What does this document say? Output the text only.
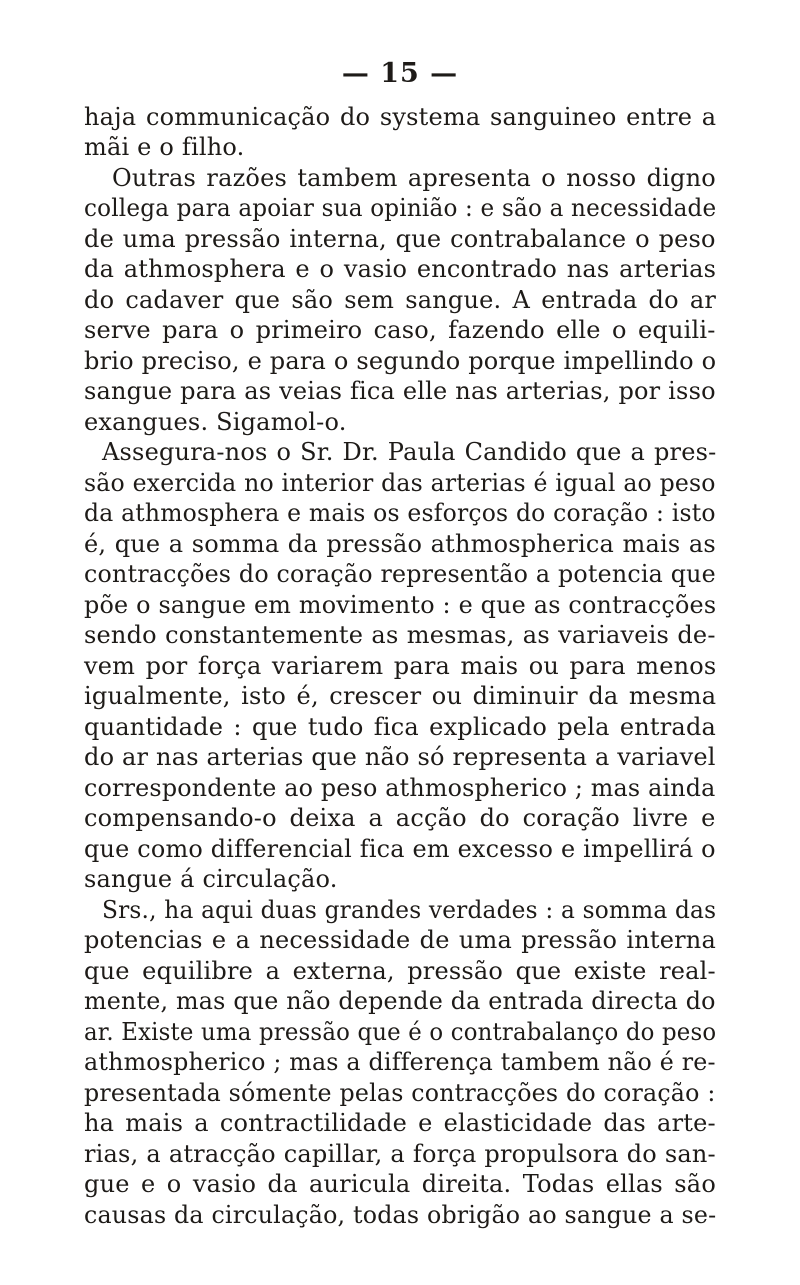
— 15 —
haja communicação do systema sanguineo entre a
mãi e o filho.
Outras razões tambem apresenta o nosso digno
collega para apoiar sua opinião : e são a necessidade
de uma pressão interna, que contrabalance o peso
da athmosphera e o vasio encontrado nas arterias
do cadaver que são sem sangue. A entrada do ar
serve para o primeiro caso, fazendo elle o equili-
brio preciso, e para o segundo porque impellindo o
sangue para as veias fica elle nas arterias, por isso
exangues. Sigamol-o.
Assegura-nos o Sr. Dr. Paula Candido que a pres-
são exercida no interior das arterias é igual ao peso
da athmosphera e mais os esforços do coração : isto
é, que a somma da pressão athmospherica mais as
contracções do coração representão a potencia que
põe o sangue em movimento : e que as contracções
sendo constantemente as mesmas, as variaveis de-
vem por força variarem para mais ou para menos
igualmente, isto é, crescer ou diminuir da mesma
quantidade : que tudo fica explicado pela entrada
do ar nas arterias que não só representa a variavel
correspondente ao peso athmospherico ; mas ainda
compensando-o deixa a acção do coração livre e
que como differencial fica em excesso e impellirá o
sangue á circulação.
Srs., ha aqui duas grandes verdades : a somma das
potencias e a necessidade de uma pressão interna
que equilibre a externa, pressão que existe real-
mente, mas que não depende da entrada directa do
ar. Existe uma pressão que é o contrabalanço do peso
athmospherico ; mas a differença tambem não é re-
presentada sómente pelas contracções do coração :
ha mais a contractilidade e elasticidade das arte-
rias, a atracção capillar, a força propulsora do san-
gue e o vasio da auricula direita. Todas ellas são
causas da circulação, todas obrigão ao sangue a se-
